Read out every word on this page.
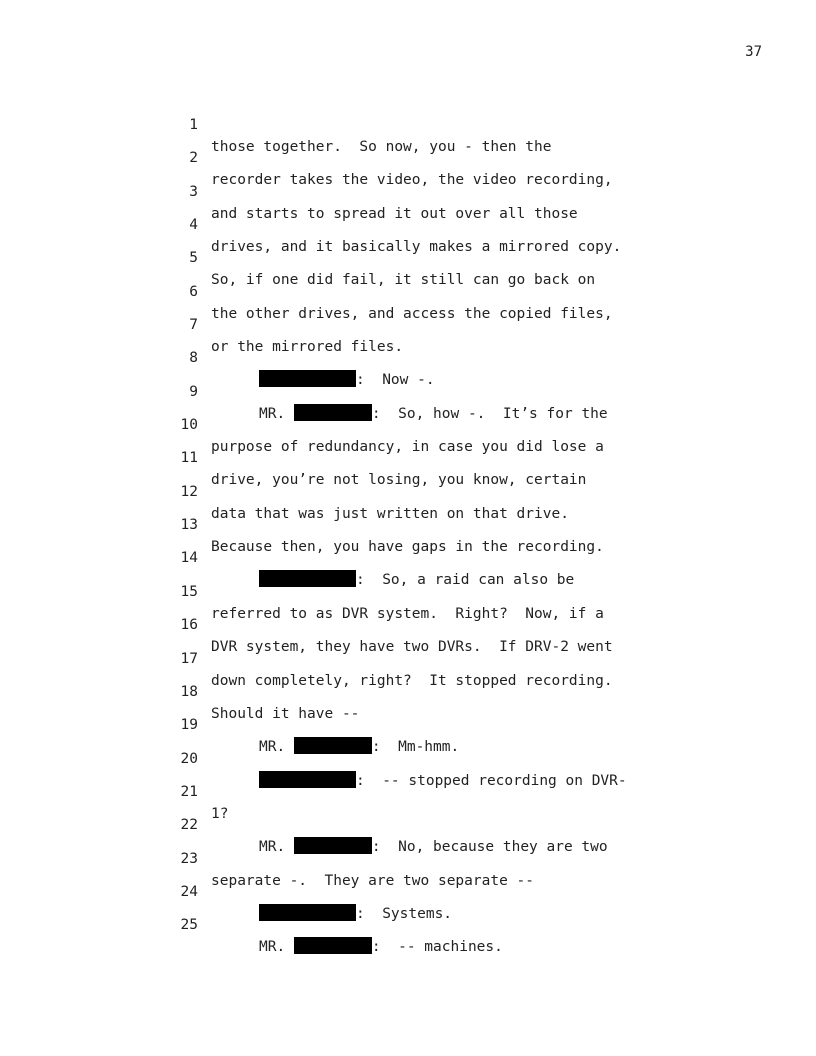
37

1

those together.  So now, you - then the

2

recorder takes the video, the video recording,

3

and starts to spread it out over all those

4

drives, and it basically makes a mirrored copy.

5

So, if one did fail, it still can go back on

6

the other drives, and access the copied files,

7

or the mirrored files.

8

:  Now -.

9

MR.	:  So, how -.  It’s for the

10

purpose of redundancy, in case you did lose a

11

drive, you’re not losing, you know, certain

12

data that was just written on that drive.

13

Because then, you have gaps in the recording.

14

:  So, a raid can also be

15

referred to as DVR system.  Right?  Now, if a

16

DVR system, they have two DVRs.  If DRV-2 went

17

down completely, right?  It stopped recording.

18

Should it have --

19

MR.	:  Mm-hmm.

20

:  -- stopped recording on DVR-

21

1?

22

MR.	:  No, because they are two

23

separate -.  They are two separate --

24

:  Systems.

25

MR.	:  -- machines.
